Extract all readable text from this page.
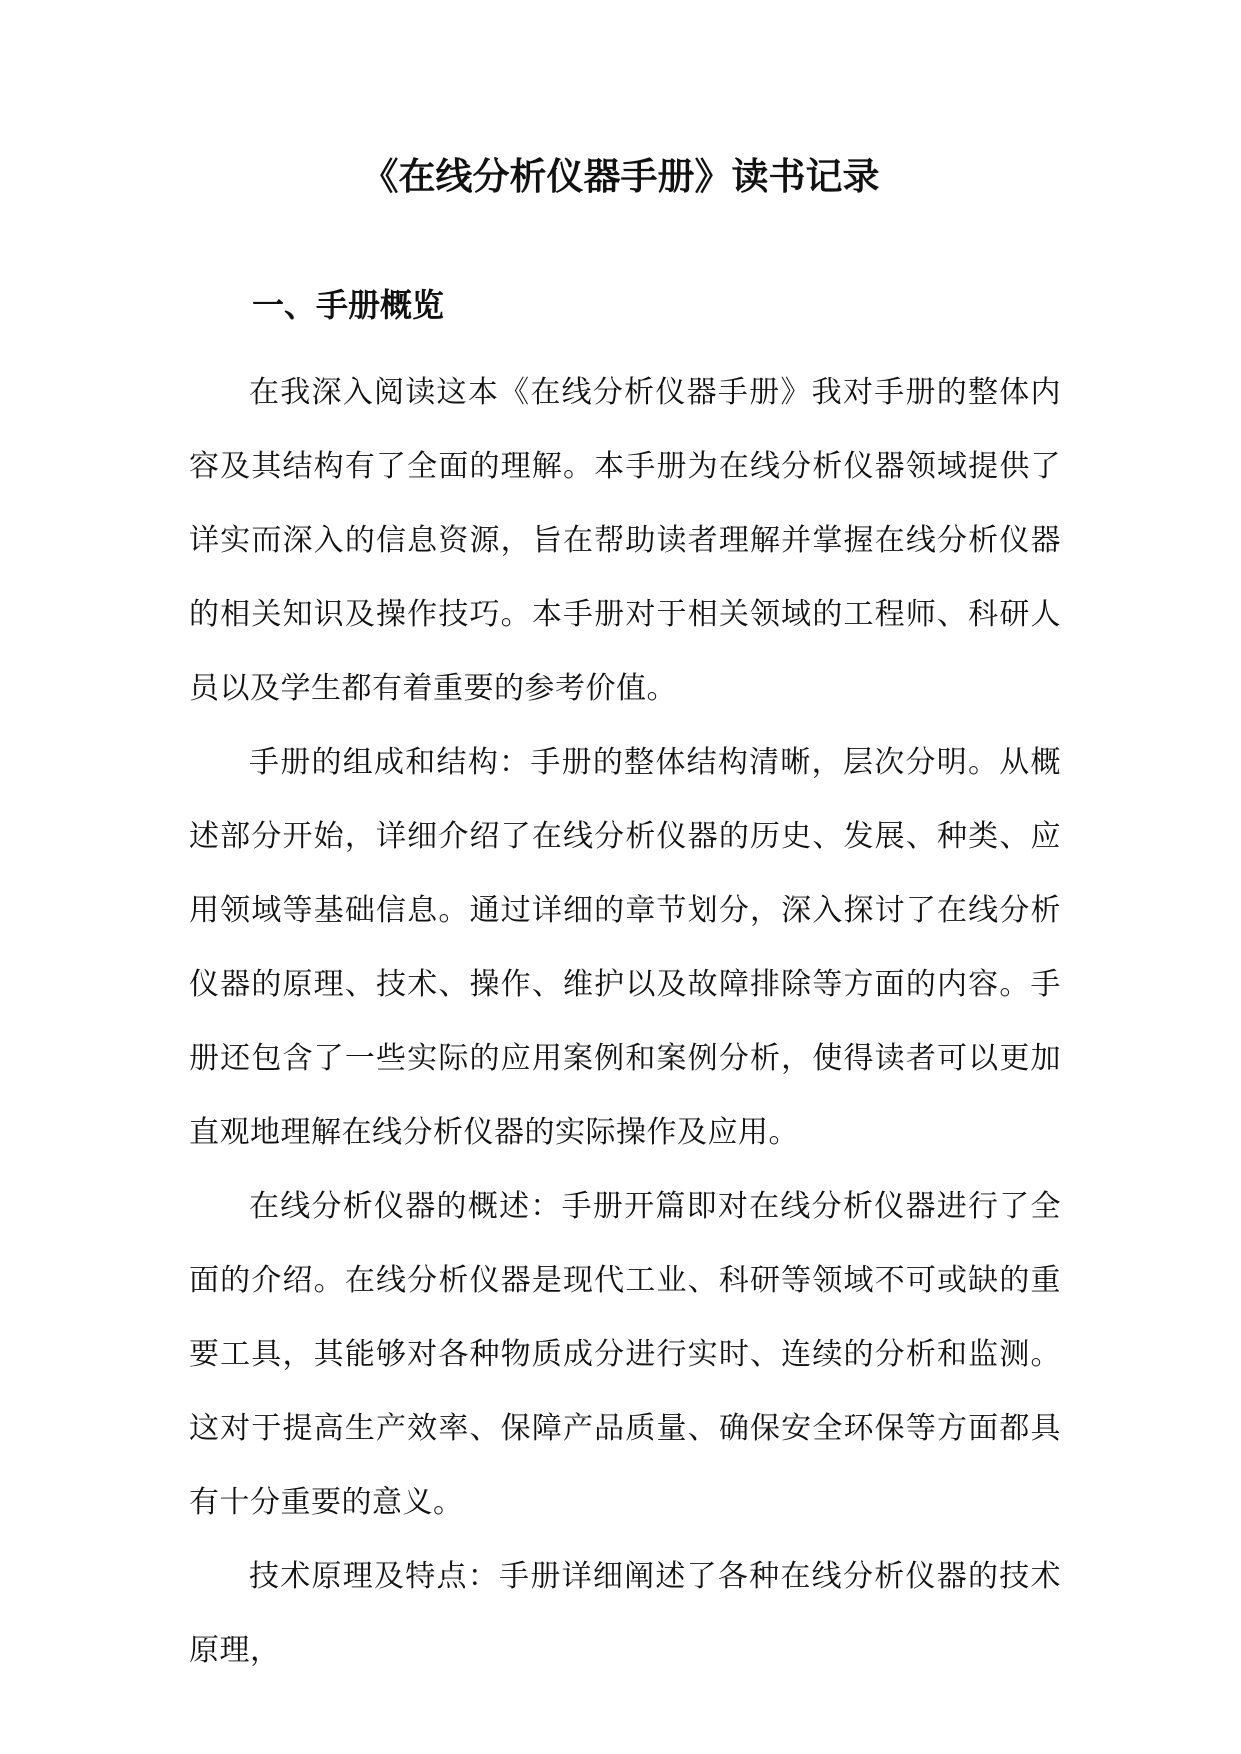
《在线分析仪器手册》读书记录
一、手册概览

在我深入阅读这本《在线分析仪器手册》我对手册的整体内容及其结构有了全面的理解。本手册为在线分析仪器领域提供了详实而深入的信息资源，旨在帮助读者理解并掌握在线分析仪器的相关知识及操作技巧。本手册对于相关领域的工程师、科研人员以及学生都有着重要的参考价值。

手册的组成和结构：手册的整体结构清晰，层次分明。从概述部分开始，详细介绍了在线分析仪器的历史、发展、种类、应用领域等基础信息。通过详细的章节划分，深入探讨了在线分析仪器的原理、技术、操作、维护以及故障排除等方面的内容。手册还包含了一些实际的应用案例和案例分析，使得读者可以更加直观地理解在线分析仪器的实际操作及应用。

在线分析仪器的概述：手册开篇即对在线分析仪器进行了全面的介绍。在线分析仪器是现代工业、科研等领域不可或缺的重要工具，其能够对各种物质成分进行实时、连续的分析和监测。这对于提高生产效率、保障产品质量、确保安全环保等方面都具有十分重要的意义。

技术原理及特点：手册详细阐述了各种在线分析仪器的技术原理，
